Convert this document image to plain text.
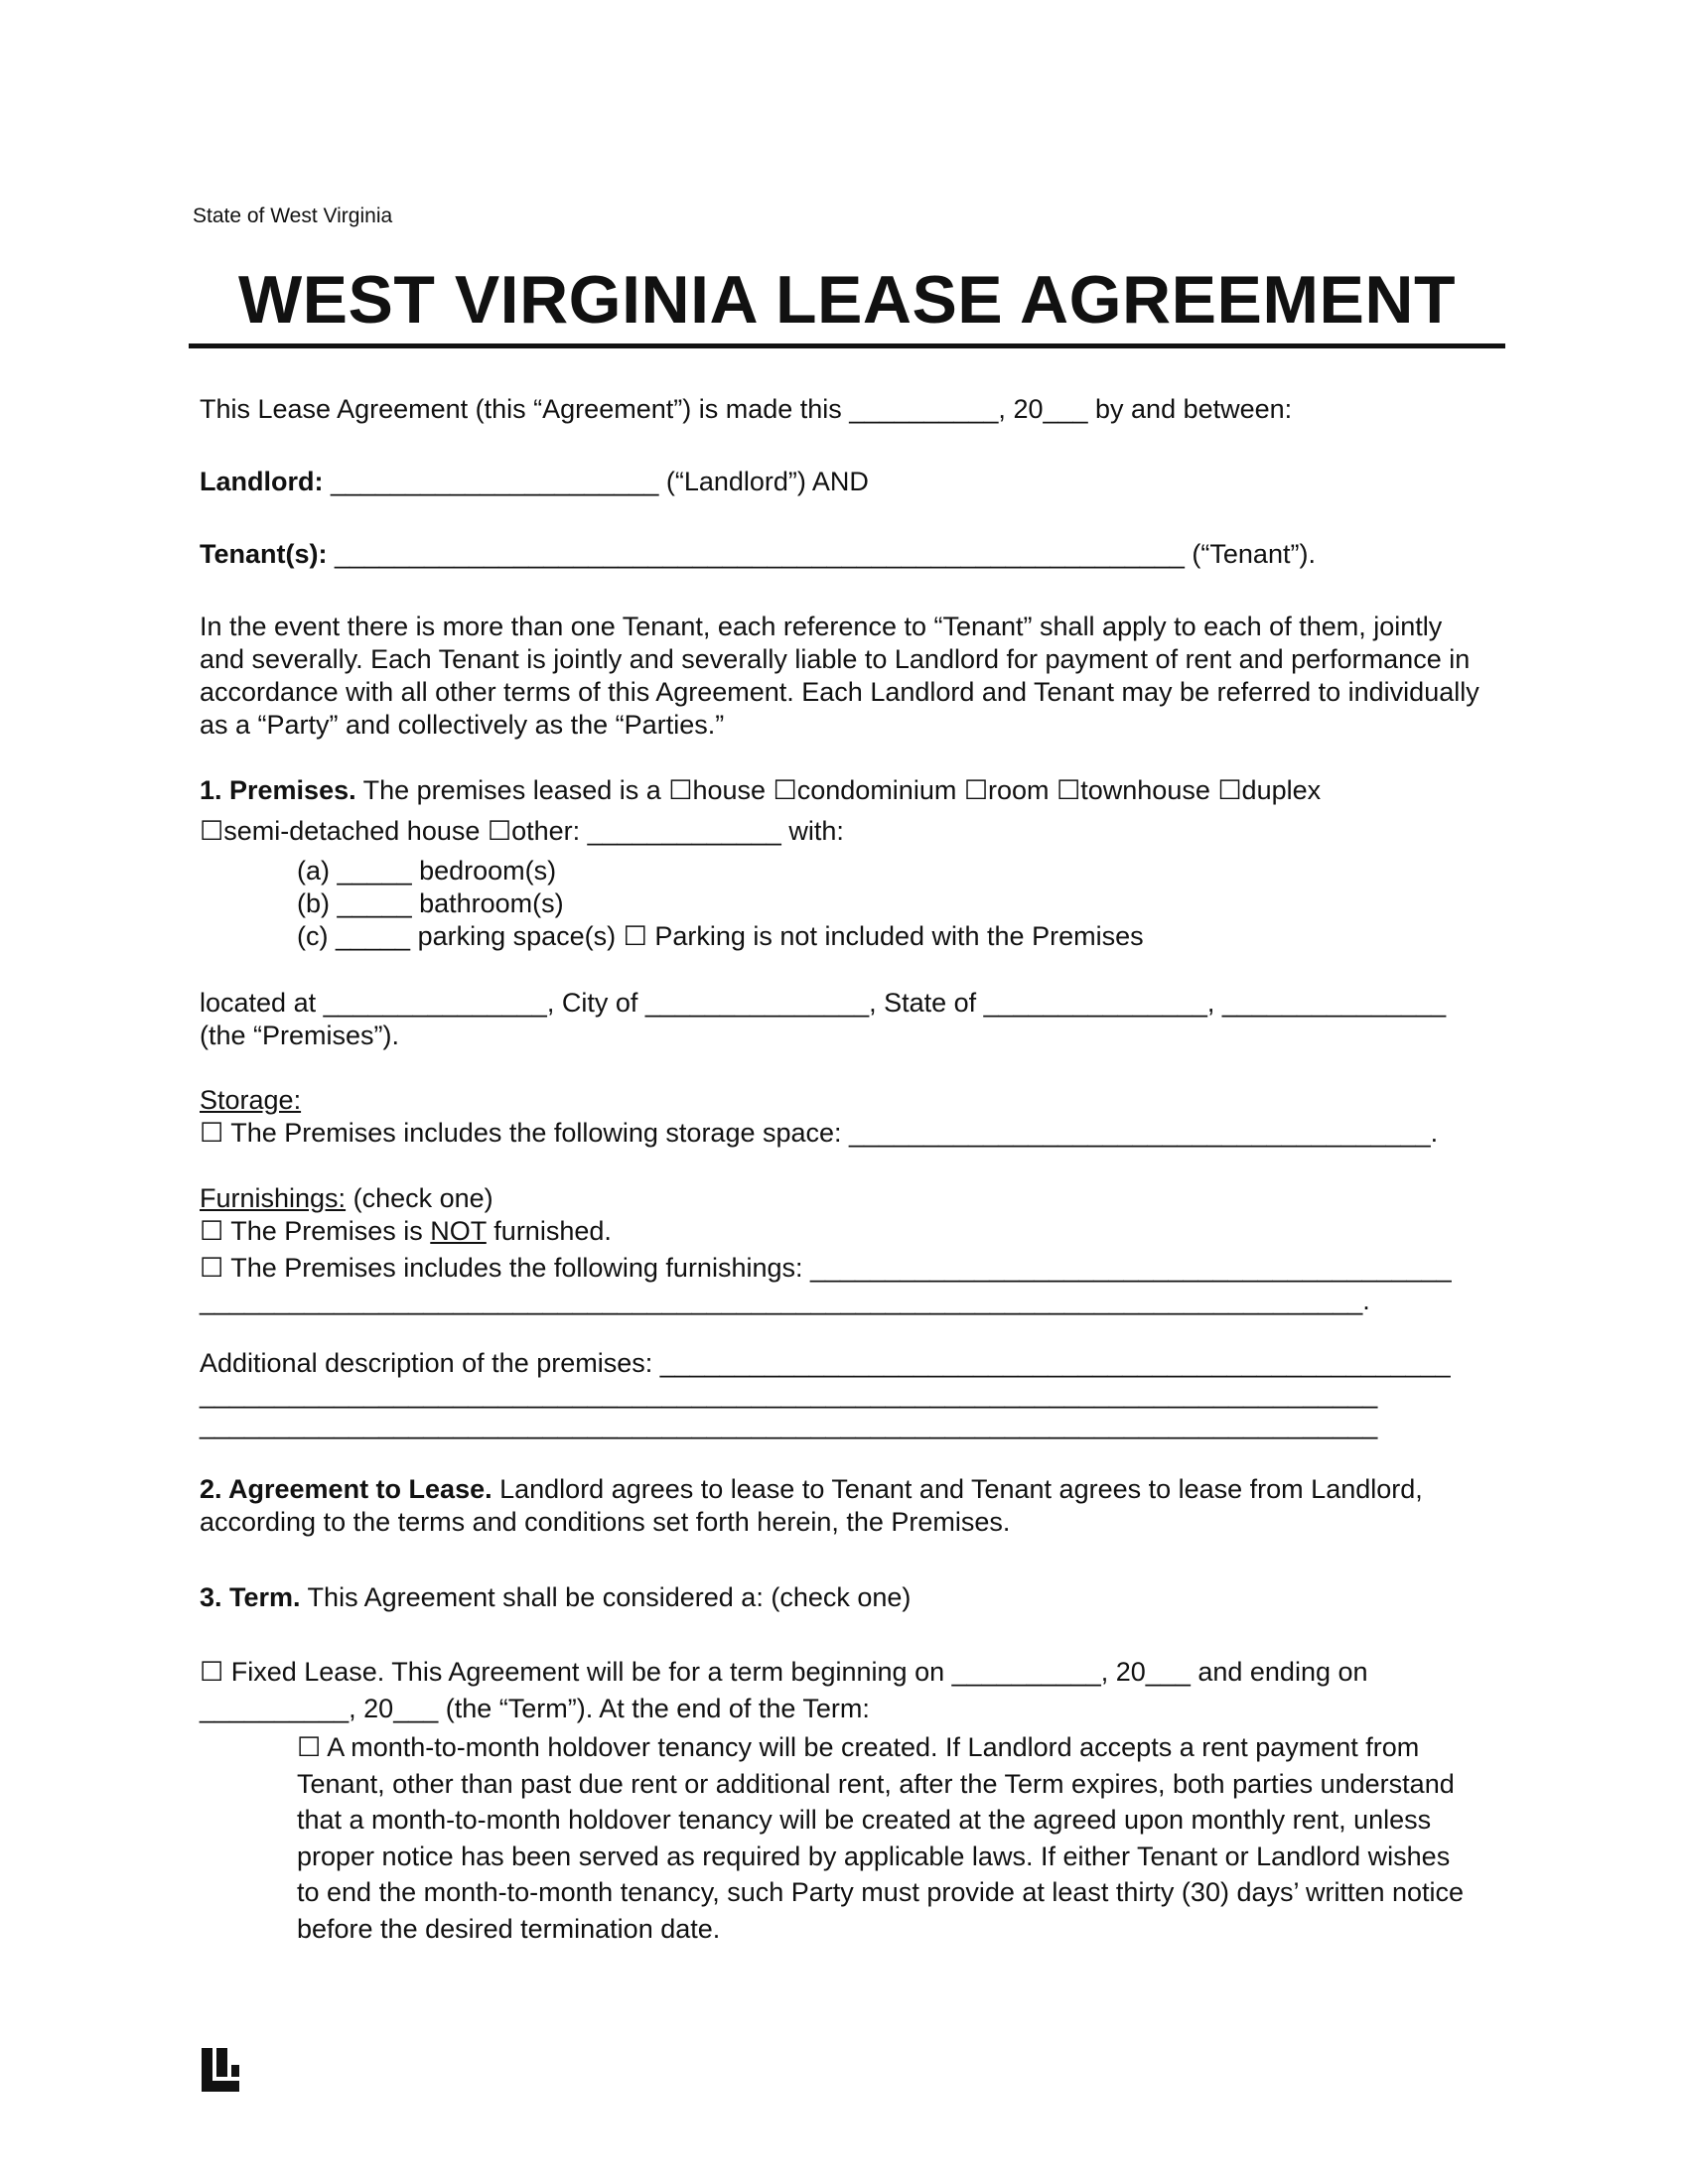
State of West Virginia
WEST VIRGINIA LEASE AGREEMENT
This Lease Agreement (this “Agreement”) is made this __________, 20___ by and between:
Landlord: ______________________ (“Landlord”) AND
Tenant(s): _________________________________________________________ (“Tenant”).
In the event there is more than one Tenant, each reference to “Tenant” shall apply to each of them, jointly and severally. Each Tenant is jointly and severally liable to Landlord for payment of rent and performance in accordance with all other terms of this Agreement. Each Landlord and Tenant may be referred to individually as a “Party” and collectively as the “Parties.”
1. Premises. The premises leased is a ☐house ☐condominium ☐room ☐townhouse ☐duplex
☐semi-detached house ☐other: _____________ with:
(a) _____ bedroom(s)
(b) _____ bathroom(s)
(c) _____ parking space(s) ☐ Parking is not included with the Premises
located at _______________, City of _______________, State of _______________, _______________
(the “Premises”).
Storage:
☐ The Premises includes the following storage space: _______________________________________.
Furnishings: (check one)
☐ The Premises is NOT furnished.
☐ The Premises includes the following furnishings: ___________________________________________
______________________________________________________________________________.
Additional description of the premises: _____________________________________________________
_______________________________________________________________________________
_______________________________________________________________________________
2. Agreement to Lease. Landlord agrees to lease to Tenant and Tenant agrees to lease from Landlord, according to the terms and conditions set forth herein, the Premises.
3. Term. This Agreement shall be considered a: (check one)
☐ Fixed Lease. This Agreement will be for a term beginning on __________, 20___ and ending on
__________, 20___ (the “Term”). At the end of the Term:
☐ A month-to-month holdover tenancy will be created. If Landlord accepts a rent payment from Tenant, other than past due rent or additional rent, after the Term expires, both parties understand that a month-to-month holdover tenancy will be created at the agreed upon monthly rent, unless proper notice has been served as required by applicable laws. If either Tenant or Landlord wishes to end the month-to-month tenancy, such Party must provide at least thirty (30) days’ written notice before the desired termination date.
